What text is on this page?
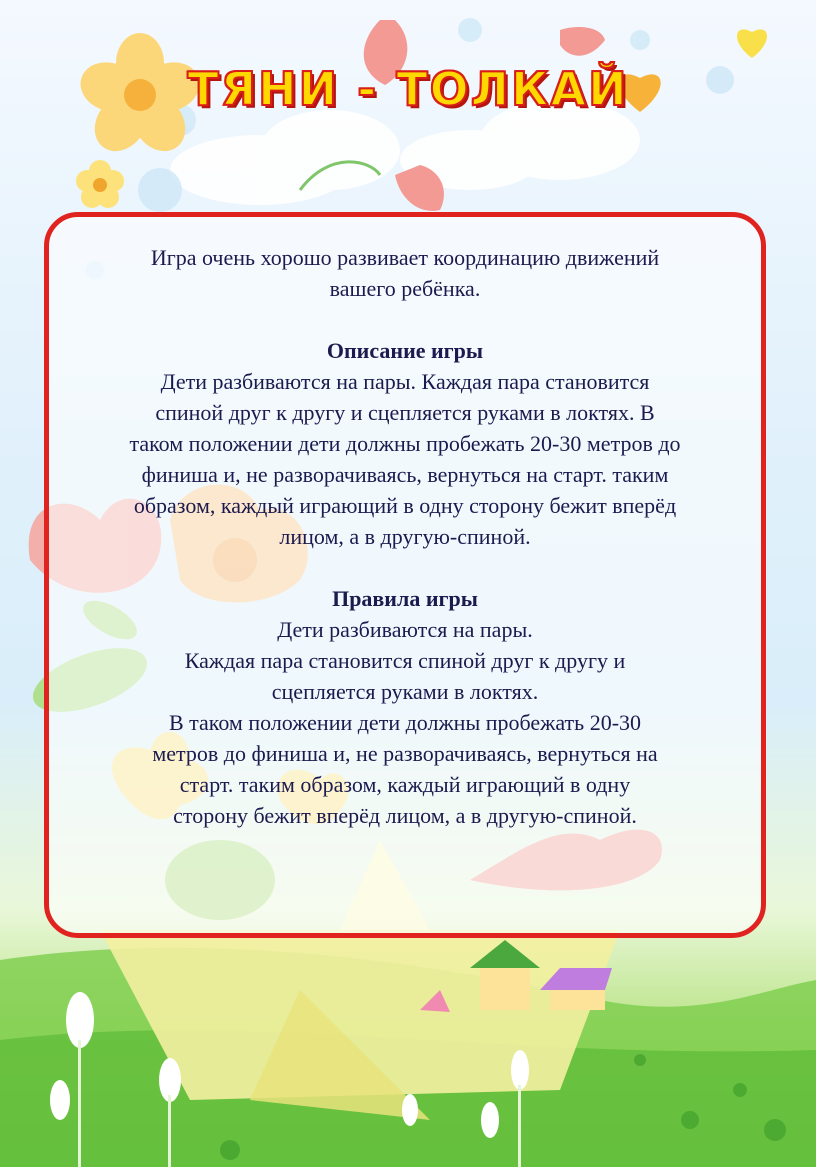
ТЯНИ - ТОЛКАЙ

Игра очень хорошо развивает координацию движений

вашего ребёнка.

Описание игры

Дети разбиваются на пары. Каждая пара становится

спиной друг к другу и сцепляется руками в локтях. В

таком положении дети должны пробежать 20-30 метров до

финиша и, не разворачиваясь, вернуться на старт. таким

образом, каждый играющий в одну сторону бежит вперёд

лицом, а в другую-спиной.

Правила игры

Дети разбиваются на пары.

Каждая пара становится спиной друг к другу и

сцепляется руками в локтях.

В таком положении дети должны пробежать 20-30

метров до финиша и, не разворачиваясь, вернуться на

старт. таким образом, каждый играющий в одну

сторону бежит вперёд лицом, а в другую-спиной.
